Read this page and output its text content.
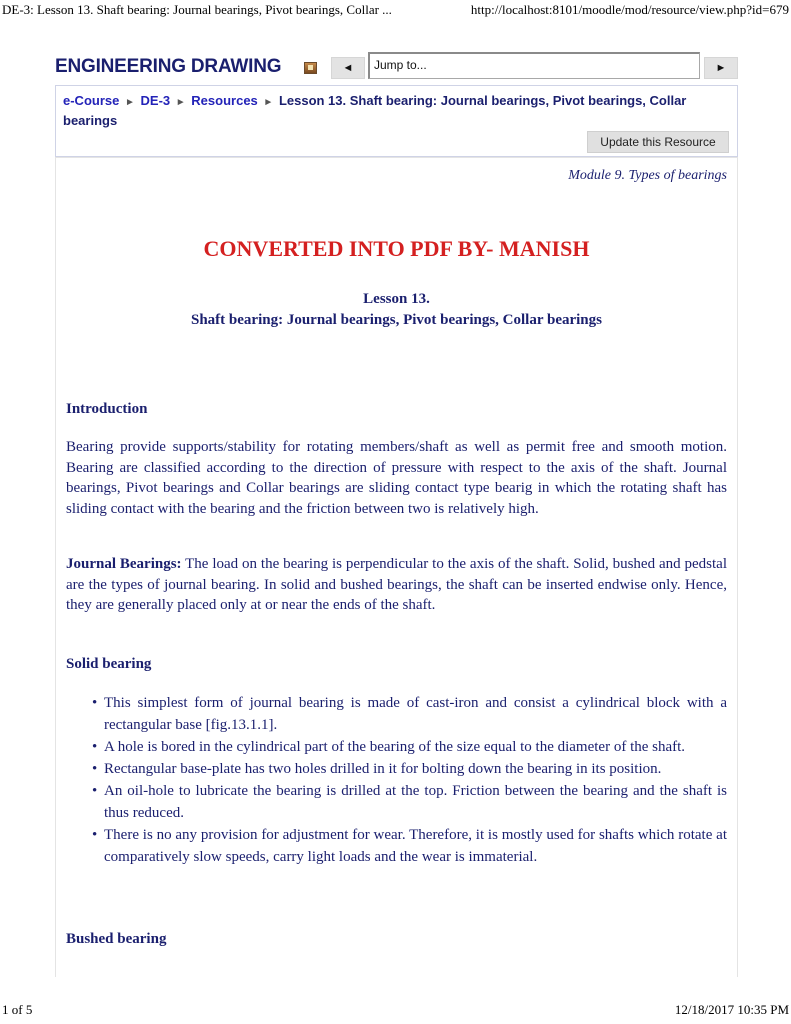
DE-3: Lesson 13. Shaft bearing: Journal bearings, Pivot bearings, Collar ...	http://localhost:8101/moodle/mod/resource/view.php?id=679
ENGINEERING DRAWING	◄	Jump to...	►
e-Course ► DE-3 ► Resources ► Lesson 13. Shaft bearing: Journal bearings, Pivot bearings, Collar bearings
Update this Resource
Module 9. Types of bearings
CONVERTED INTO PDF BY- MANISH
Lesson 13.
Shaft bearing: Journal bearings, Pivot bearings, Collar bearings
Introduction
Bearing provide supports/stability for rotating members/shaft as well as permit free and smooth motion. Bearing are classified according to the direction of pressure with respect to the axis of the shaft. Journal bearings, Pivot bearings and Collar bearings are sliding contact type bearig in which the rotating shaft has sliding contact with the bearing and the friction between two is relatively high.
Journal Bearings: The load on the bearing is perpendicular to the axis of the shaft. Solid, bushed and pedstal are the types of journal bearing. In solid and bushed bearings, the shaft can be inserted endwise only. Hence, they are generally placed only at or near the ends of the shaft.
Solid bearing
• This simplest form of journal bearing is made of cast-iron and consist a cylindrical block with a rectangular base [fig.13.1.1].
• A hole is bored in the cylindrical part of the bearing of the size equal to the diameter of the shaft.
• Rectangular base-plate has two holes drilled in it for bolting down the bearing in its position.
• An oil-hole to lubricate the bearing is drilled at the top. Friction between the bearing and the shaft is thus reduced.
• There is no any provision for adjustment for wear. Therefore, it is mostly used for shafts which rotate at comparatively slow speeds, carry light loads and the wear is immaterial.
Bushed bearing
1 of 5	12/18/2017 10:35 PM
